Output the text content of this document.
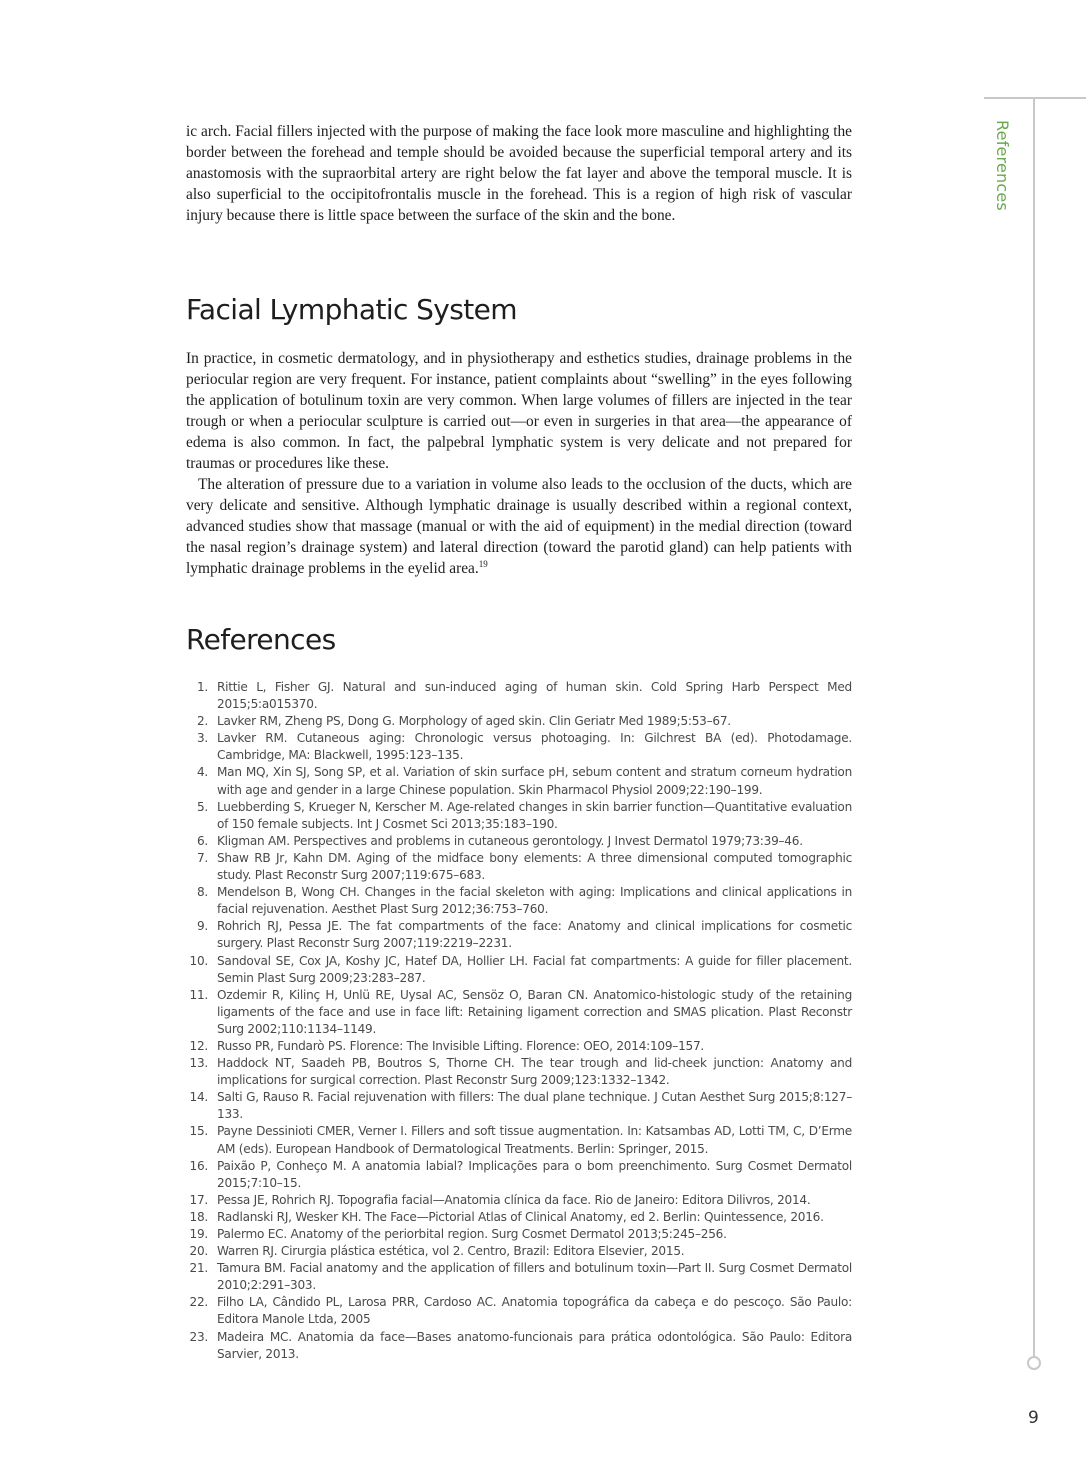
ic arch. Facial fillers injected with the purpose of making the face look more masculine and highlighting the border between the forehead and temple should be avoided because the superficial temporal artery and its anastomosis with the supraorbital artery are right below the fat layer and above the temporal muscle. It is also superficial to the occipitofrontalis muscle in the forehead. This is a region of high risk of vascular injury because there is little space between the surface of the skin and the bone.

Facial Lymphatic System

In practice, in cosmetic dermatology, and in physiotherapy and esthetics studies, drainage problems in the periocular region are very frequent. For instance, patient complaints about “swelling” in the eyes following the application of botulinum toxin are very common. When large volumes of fillers are injected in the tear trough or when a periocular sculpture is carried out—or even in surgeries in that area—the appearance of edema is also common. In fact, the palpebral lymphatic system is very delicate and not prepared for traumas or procedures like these.

The alteration of pressure due to a variation in volume also leads to the occlusion of the ducts, which are very delicate and sensitive. Although lymphatic drainage is usually described within a regional context, advanced studies show that massage (manual or with the aid of equipment) in the medial direction (toward the nasal region’s drainage system) and lateral direction (toward the parotid gland) can help patients with lymphatic drainage problems in the eyelid area.$^{19}$

References
1. Rittie L, Fisher GJ. Natural and sun-induced aging of human skin. Cold Spring Harb Perspect Med 2015;5:a015370.
2. Lavker RM, Zheng PS, Dong G. Morphology of aged skin. Clin Geriatr Med 1989;5:53–67.
3. Lavker RM. Cutaneous aging: Chronologic versus photoaging. In: Gilchrest BA (ed). Photodamage. Cambridge, MA: Blackwell, 1995:123–135.
4. Man MQ, Xin SJ, Song SP, et al. Variation of skin surface pH, sebum content and stratum corneum hydration with age and gender in a large Chinese population. Skin Pharmacol Physiol 2009;22:190–199.
5. Luebberding S, Krueger N, Kerscher M. Age-related changes in skin barrier function—Quantitative evaluation of 150 female subjects. Int J Cosmet Sci 2013;35:183–190.
6. Kligman AM. Perspectives and problems in cutaneous gerontology. J Invest Dermatol 1979;73:39–46.
7. Shaw RB Jr, Kahn DM. Aging of the midface bony elements: A three dimensional computed tomographic study. Plast Reconstr Surg 2007;119:675–683.
8. Mendelson B, Wong CH. Changes in the facial skeleton with aging: Implications and clinical applications in facial rejuvenation. Aesthet Plast Surg 2012;36:753–760.
9. Rohrich RJ, Pessa JE. The fat compartments of the face: Anatomy and clinical implications for cosmetic surgery. Plast Reconstr Surg 2007;119:2219–2231.
10. Sandoval SE, Cox JA, Koshy JC, Hatef DA, Hollier LH. Facial fat compartments: A guide for filler placement. Semin Plast Surg 2009;23:283–287.
11. Ozdemir R, Kilinç H, Unlü RE, Uysal AC, Sensöz O, Baran CN. Anatomico-histologic study of the retaining ligaments of the face and use in face lift: Retaining ligament correction and SMAS plication. Plast Reconstr Surg 2002;110:1134–1149.
12. Russo PR, Fundarò PS. Florence: The Invisible Lifting. Florence: OEO, 2014:109–157.
13. Haddock NT, Saadeh PB, Boutros S, Thorne CH. The tear trough and lid-cheek junction: Anatomy and implications for surgical correction. Plast Reconstr Surg 2009;123:1332–1342.
14. Salti G, Rauso R. Facial rejuvenation with fillers: The dual plane technique. J Cutan Aesthet Surg 2015;8:127–133.
15. Payne Dessinioti CMER, Verner I. Fillers and soft tissue augmentation. In: Katsambas AD, Lotti TM, C, D’Erme AM (eds). European Handbook of Dermatological Treatments. Berlin: Springer, 2015.
16. Paixão P, Conheço M. A anatomia labial? Implicações para o bom preenchimento. Surg Cosmet Dermatol 2015;7:10–15.
17. Pessa JE, Rohrich RJ. Topografia facial—Anatomia clínica da face. Rio de Janeiro: Editora Dilivros, 2014.
18. Radlanski RJ, Wesker KH. The Face—Pictorial Atlas of Clinical Anatomy, ed 2. Berlin: Quintessence, 2016.
19. Palermo EC. Anatomy of the periorbital region. Surg Cosmet Dermatol 2013;5:245–256.
20. Warren RJ. Cirurgia plástica estética, vol 2. Centro, Brazil: Editora Elsevier, 2015.
21. Tamura BM. Facial anatomy and the application of fillers and botulinum toxin—Part II. Surg Cosmet Dermatol 2010;2:291–303.
22. Filho LA, Cândido PL, Larosa PRR, Cardoso AC. Anatomia topográfica da cabeça e do pescoço. São Paulo: Editora Manole Ltda, 2005
23. Madeira MC. Anatomia da face—Bases anatomo-funcionais para prática odontológica. São Paulo: Editora Sarvier, 2013.
References
9
